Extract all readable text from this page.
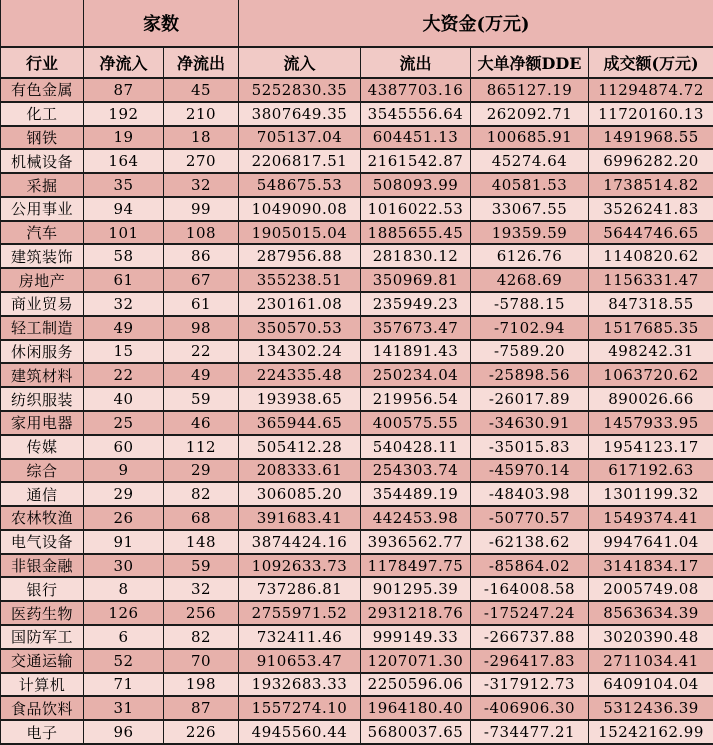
	家数		大资金(万元)			
行业	净流入	净流出	流入	流出	大单净额DDE	成交额(万元)
有色金属	87	45	5252830.35	4387703.16	865127.19	11294874.72
化工	192	210	3807649.35	3545556.64	262092.71	11720160.13
钢铁	19	18	705137.04	604451.13	100685.91	1491968.55
机械设备	164	270	2206817.51	2161542.87	45274.64	6996282.20
采掘	35	32	548675.53	508093.99	40581.53	1738514.82
公用事业	94	99	1049090.08	1016022.53	33067.55	3526241.83
汽车	101	108	1905015.04	1885655.45	19359.59	5644746.65
建筑装饰	58	86	287956.88	281830.12	6126.76	1140820.62
房地产	61	67	355238.51	350969.81	4268.69	1156331.47
商业贸易	32	61	230161.08	235949.23	-5788.15	847318.55
轻工制造	49	98	350570.53	357673.47	-7102.94	1517685.35
休闲服务	15	22	134302.24	141891.43	-7589.20	498242.31
建筑材料	22	49	224335.48	250234.04	-25898.56	1063720.62
纺织服装	40	59	193938.65	219956.54	-26017.89	890026.66
家用电器	25	46	365944.65	400575.55	-34630.91	1457933.95
传媒	60	112	505412.28	540428.11	-35015.83	1954123.17
综合	9	29	208333.61	254303.74	-45970.14	617192.63
通信	29	82	306085.20	354489.19	-48403.98	1301199.32
农林牧渔	26	68	391683.41	442453.98	-50770.57	1549374.41
电气设备	91	148	3874424.16	3936562.77	-62138.62	9947641.04
非银金融	30	59	1092633.73	1178497.75	-85864.02	3141834.17
银行	8	32	737286.81	901295.39	-164008.58	2005749.08
医药生物	126	256	2755971.52	2931218.76	-175247.24	8563634.39
国防军工	6	82	732411.46	999149.33	-266737.88	3020390.48
交通运输	52	70	910653.47	1207071.30	-296417.83	2711034.41
计算机	71	198	1932683.33	2250596.06	-317912.73	6409104.04
食品饮料	31	87	1557274.10	1964180.40	-406906.30	5312436.39
电子	96	226	4945560.44	5680037.65	-734477.21	15242162.99
